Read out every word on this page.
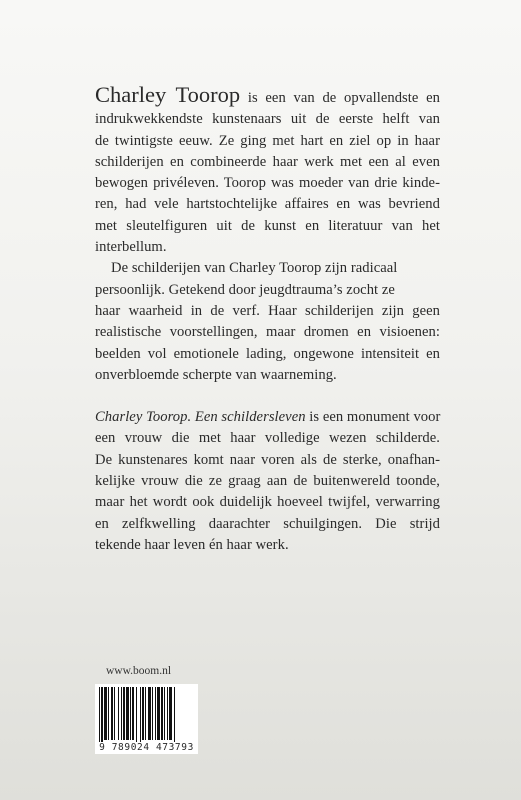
Charley Toorop is een van de opvallendste en
indrukwekkendste kunstenaars uit de eerste helft van
de twintigste eeuw. Ze ging met hart en ziel op in haar
schilderijen en combineerde haar werk met een al even
bewogen privéleven. Toorop was moeder van drie kinde-
ren, had vele hartstochtelijke affaires en was bevriend
met sleutelfiguren uit de kunst en literatuur van het
interbellum.

De schilderijen van Charley Toorop zijn radicaal
persoonlijk. Getekend door jeugdtrauma’s zocht ze
haar waarheid in de verf. Haar schilderijen zijn geen
realistische voorstellingen, maar dromen en visioenen:
beelden vol emotionele lading, ongewone intensiteit en
onverbloemde scherpte van waarneming.

Charley Toorop. Een schildersleven is een monument voor
een vrouw die met haar volledige wezen schilderde.
De kunstenares komt naar voren als de sterke, onafhan-
kelijke vrouw die ze graag aan de buitenwereld toonde,
maar het wordt ook duidelijk hoeveel twijfel, verwarring
en zelfkwelling daarachter schuilgingen. Die strijd
tekende haar leven én haar werk.

www.boom.nl
9 789024 473793
